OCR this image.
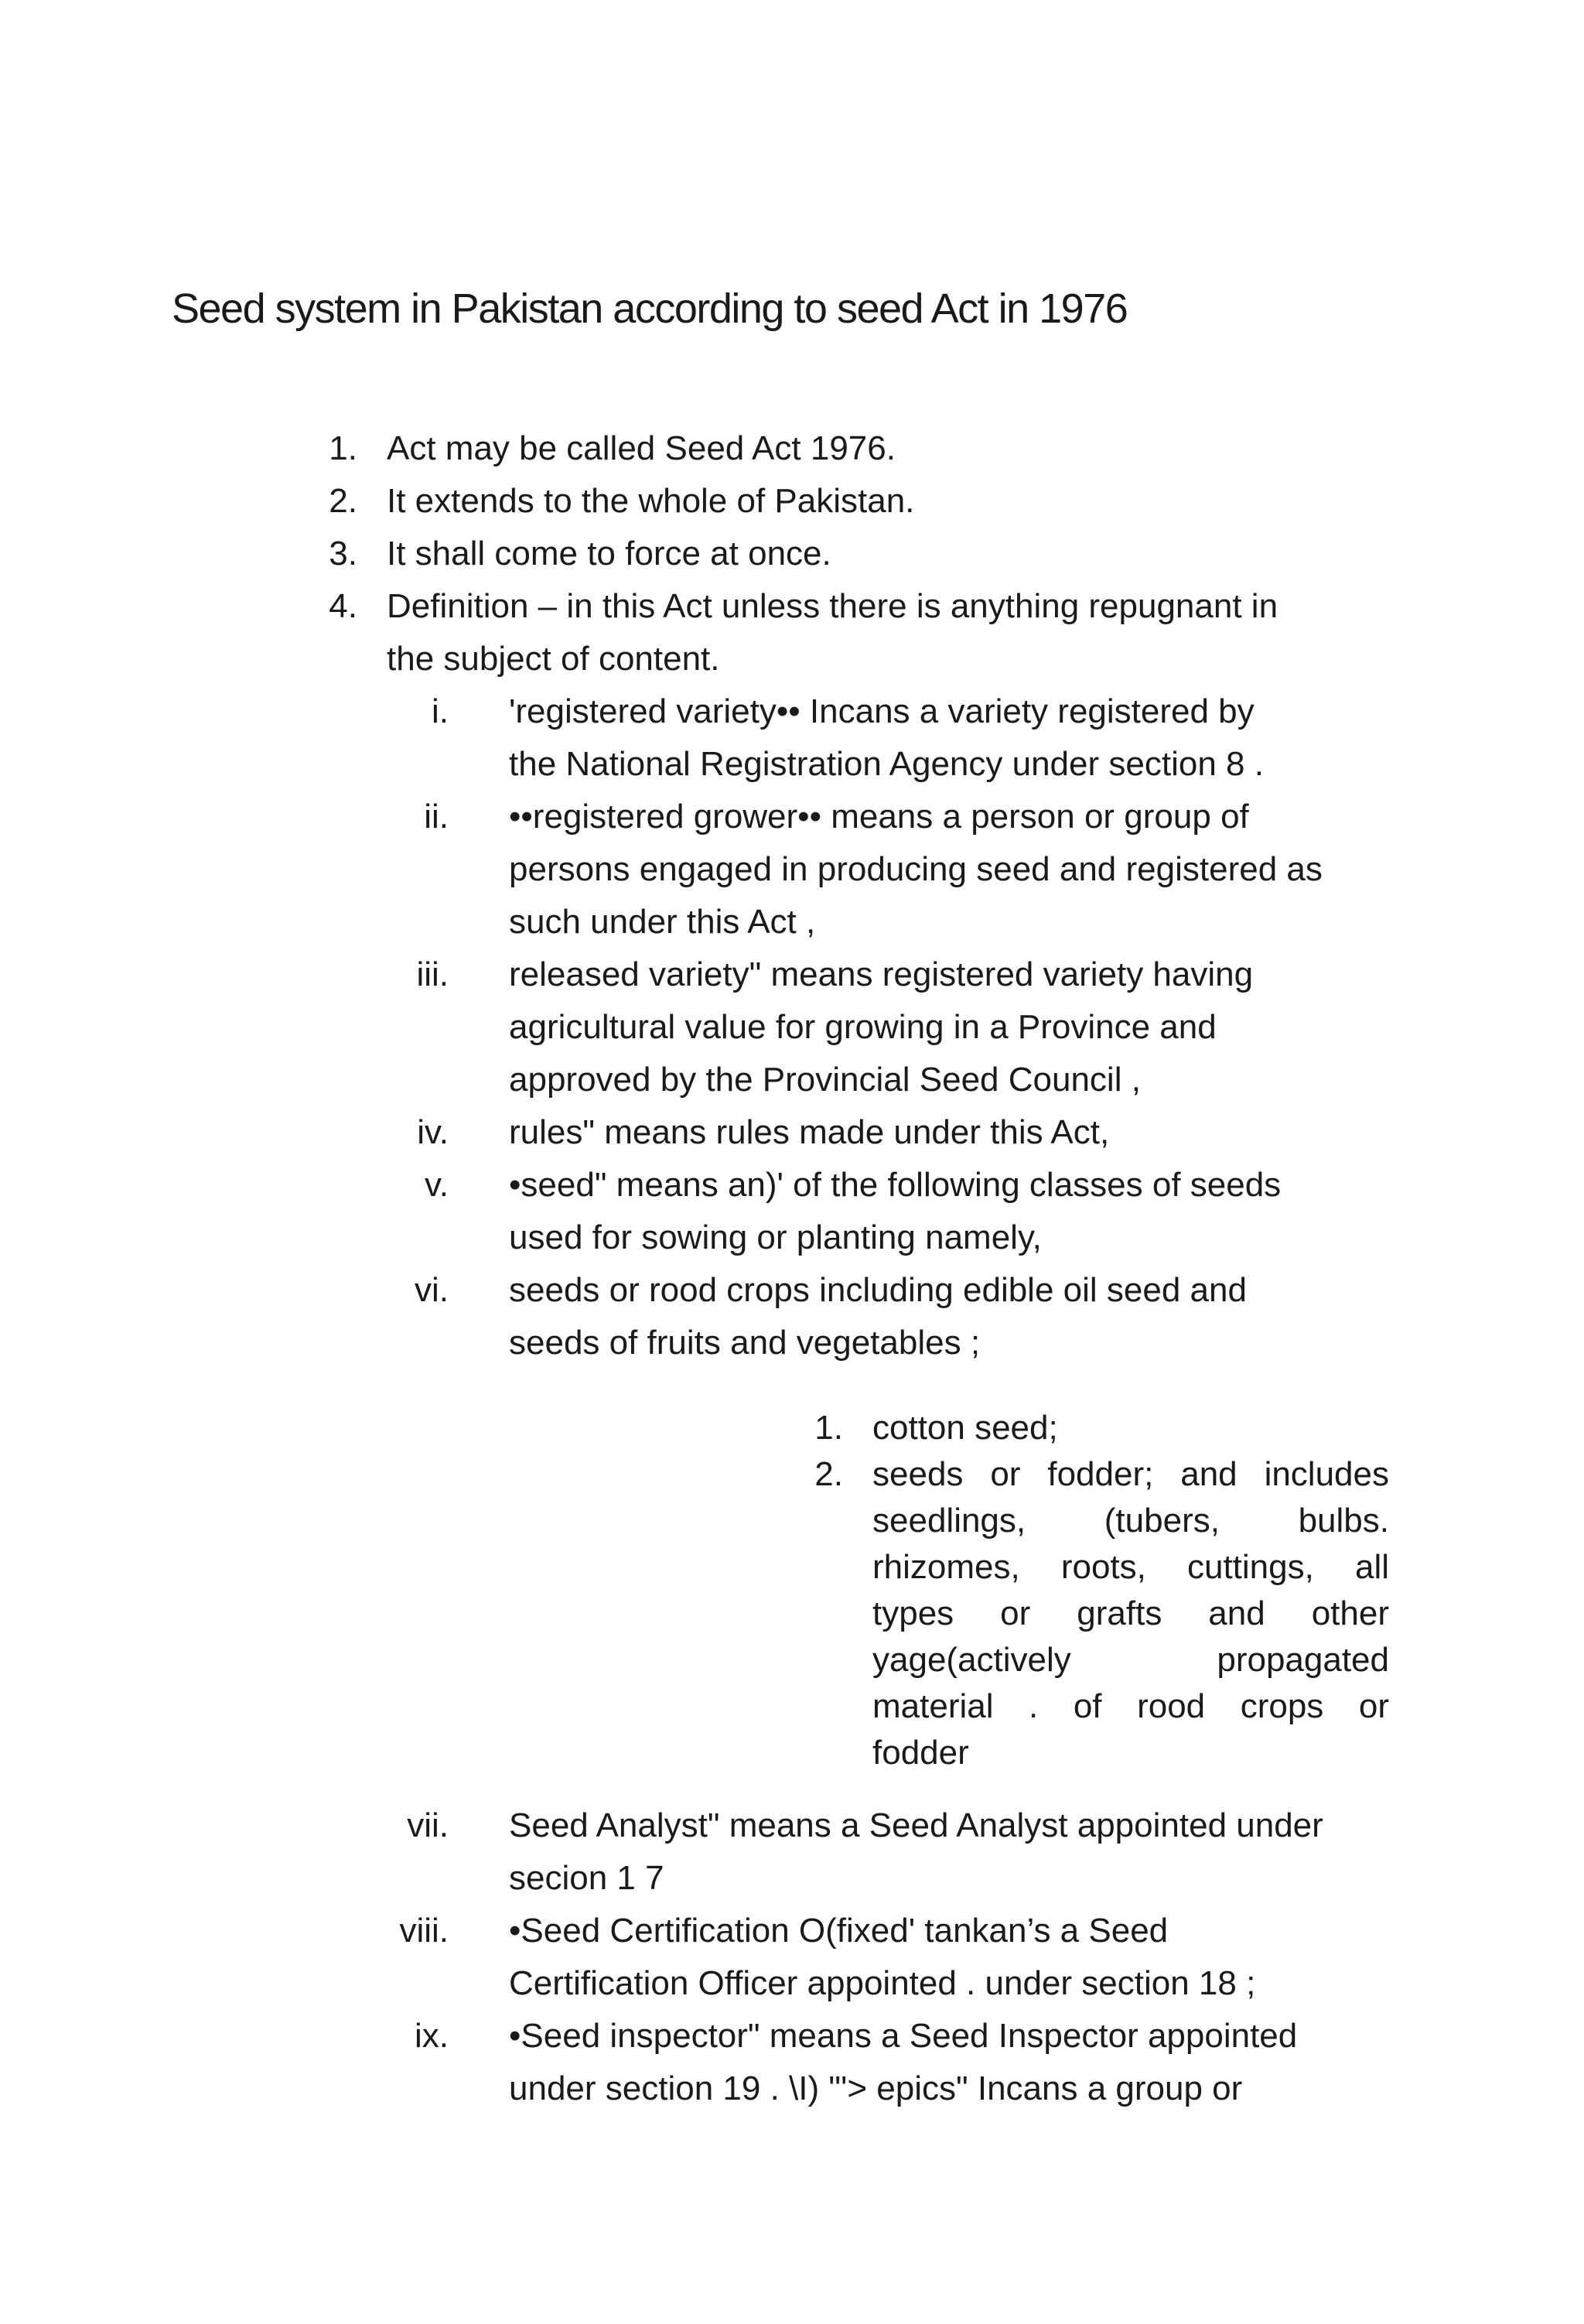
Seed system in Pakistan according to seed Act in 1976
1. Act may be called Seed Act 1976.
2. It extends to the whole of Pakistan.
3. It shall come to force at once.
4. Definition – in this Act unless there is anything repugnant in
the subject of content.
i. 'registered variety•• Incans a variety registered by
the National Registration Agency under section 8 .
ii. ••registered grower•• means a person or group of
persons engaged in producing seed and registered as
such under this Act ,
iii. released variety" means registered variety having
agricultural value for growing in a Province and
approved by the Provincial Seed Council ,
iv. rules" means rules made under this Act,
v. •seed" means an)' of the following classes of seeds
used for sowing or planting namely,
vi. seeds or rood crops including edible oil seed and
seeds of fruits and vegetables ;
1. cotton seed;
2. seeds or fodder; and includes
seedlings, (tubers, bulbs.
rhizomes, roots, cuttings, all
types or grafts and other
yage(actively propagated
material . of rood crops or
fodder
vii. Seed Analyst" means a Seed Analyst appointed under
secion 1 7
viii. •Seed Certification O(fixed' tankan’s a Seed
Certification Officer appointed . under section 18 ;
ix. •Seed inspector" means a Seed Inspector appointed
under section 19 . \I) "'> epics" Incans a group or
